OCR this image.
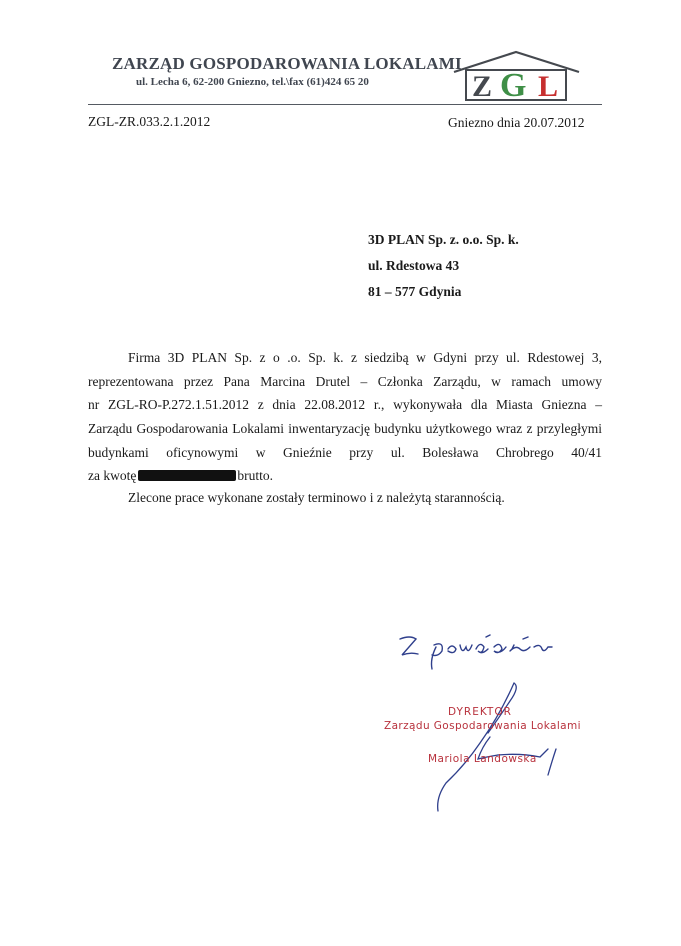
ZARZĄD GOSPODAROWANIA LOKALAMI
ul. Lecha 6, 62-200 Gniezno, tel.\fax (61)424 65 20	Z G L
ZGL-ZR.033.2.1.2012	Gniezno dnia 20.07.2012
3D PLAN Sp. z. o.o. Sp. k.
ul. Rdestowa 43
81 – 577 Gdynia
Firma 3D PLAN Sp. z o .o. Sp. k. z siedzibą w Gdyni przy ul. Rdestowej 3,
reprezentowana przez Pana Marcina Drutel – Członka Zarządu, w ramach umowy
nr ZGL-RO-P.272.1.51.2012 z dnia 22.08.2012 r., wykonywała dla Miasta Gniezna –
Zarządu Gospodarowania Lokalami inwentaryzację budynku użytkowego wraz z przyległymi
budynkami oficynowymi w Gnieźnie przy ul. Bolesława Chrobrego 40/41
za kwotę	brutto.
Zlecone prace wykonane zostały terminowo i z należytą starannością.
DYREKTOR
Zarządu Gospodarowania Lokalami
Mariola Landowska
